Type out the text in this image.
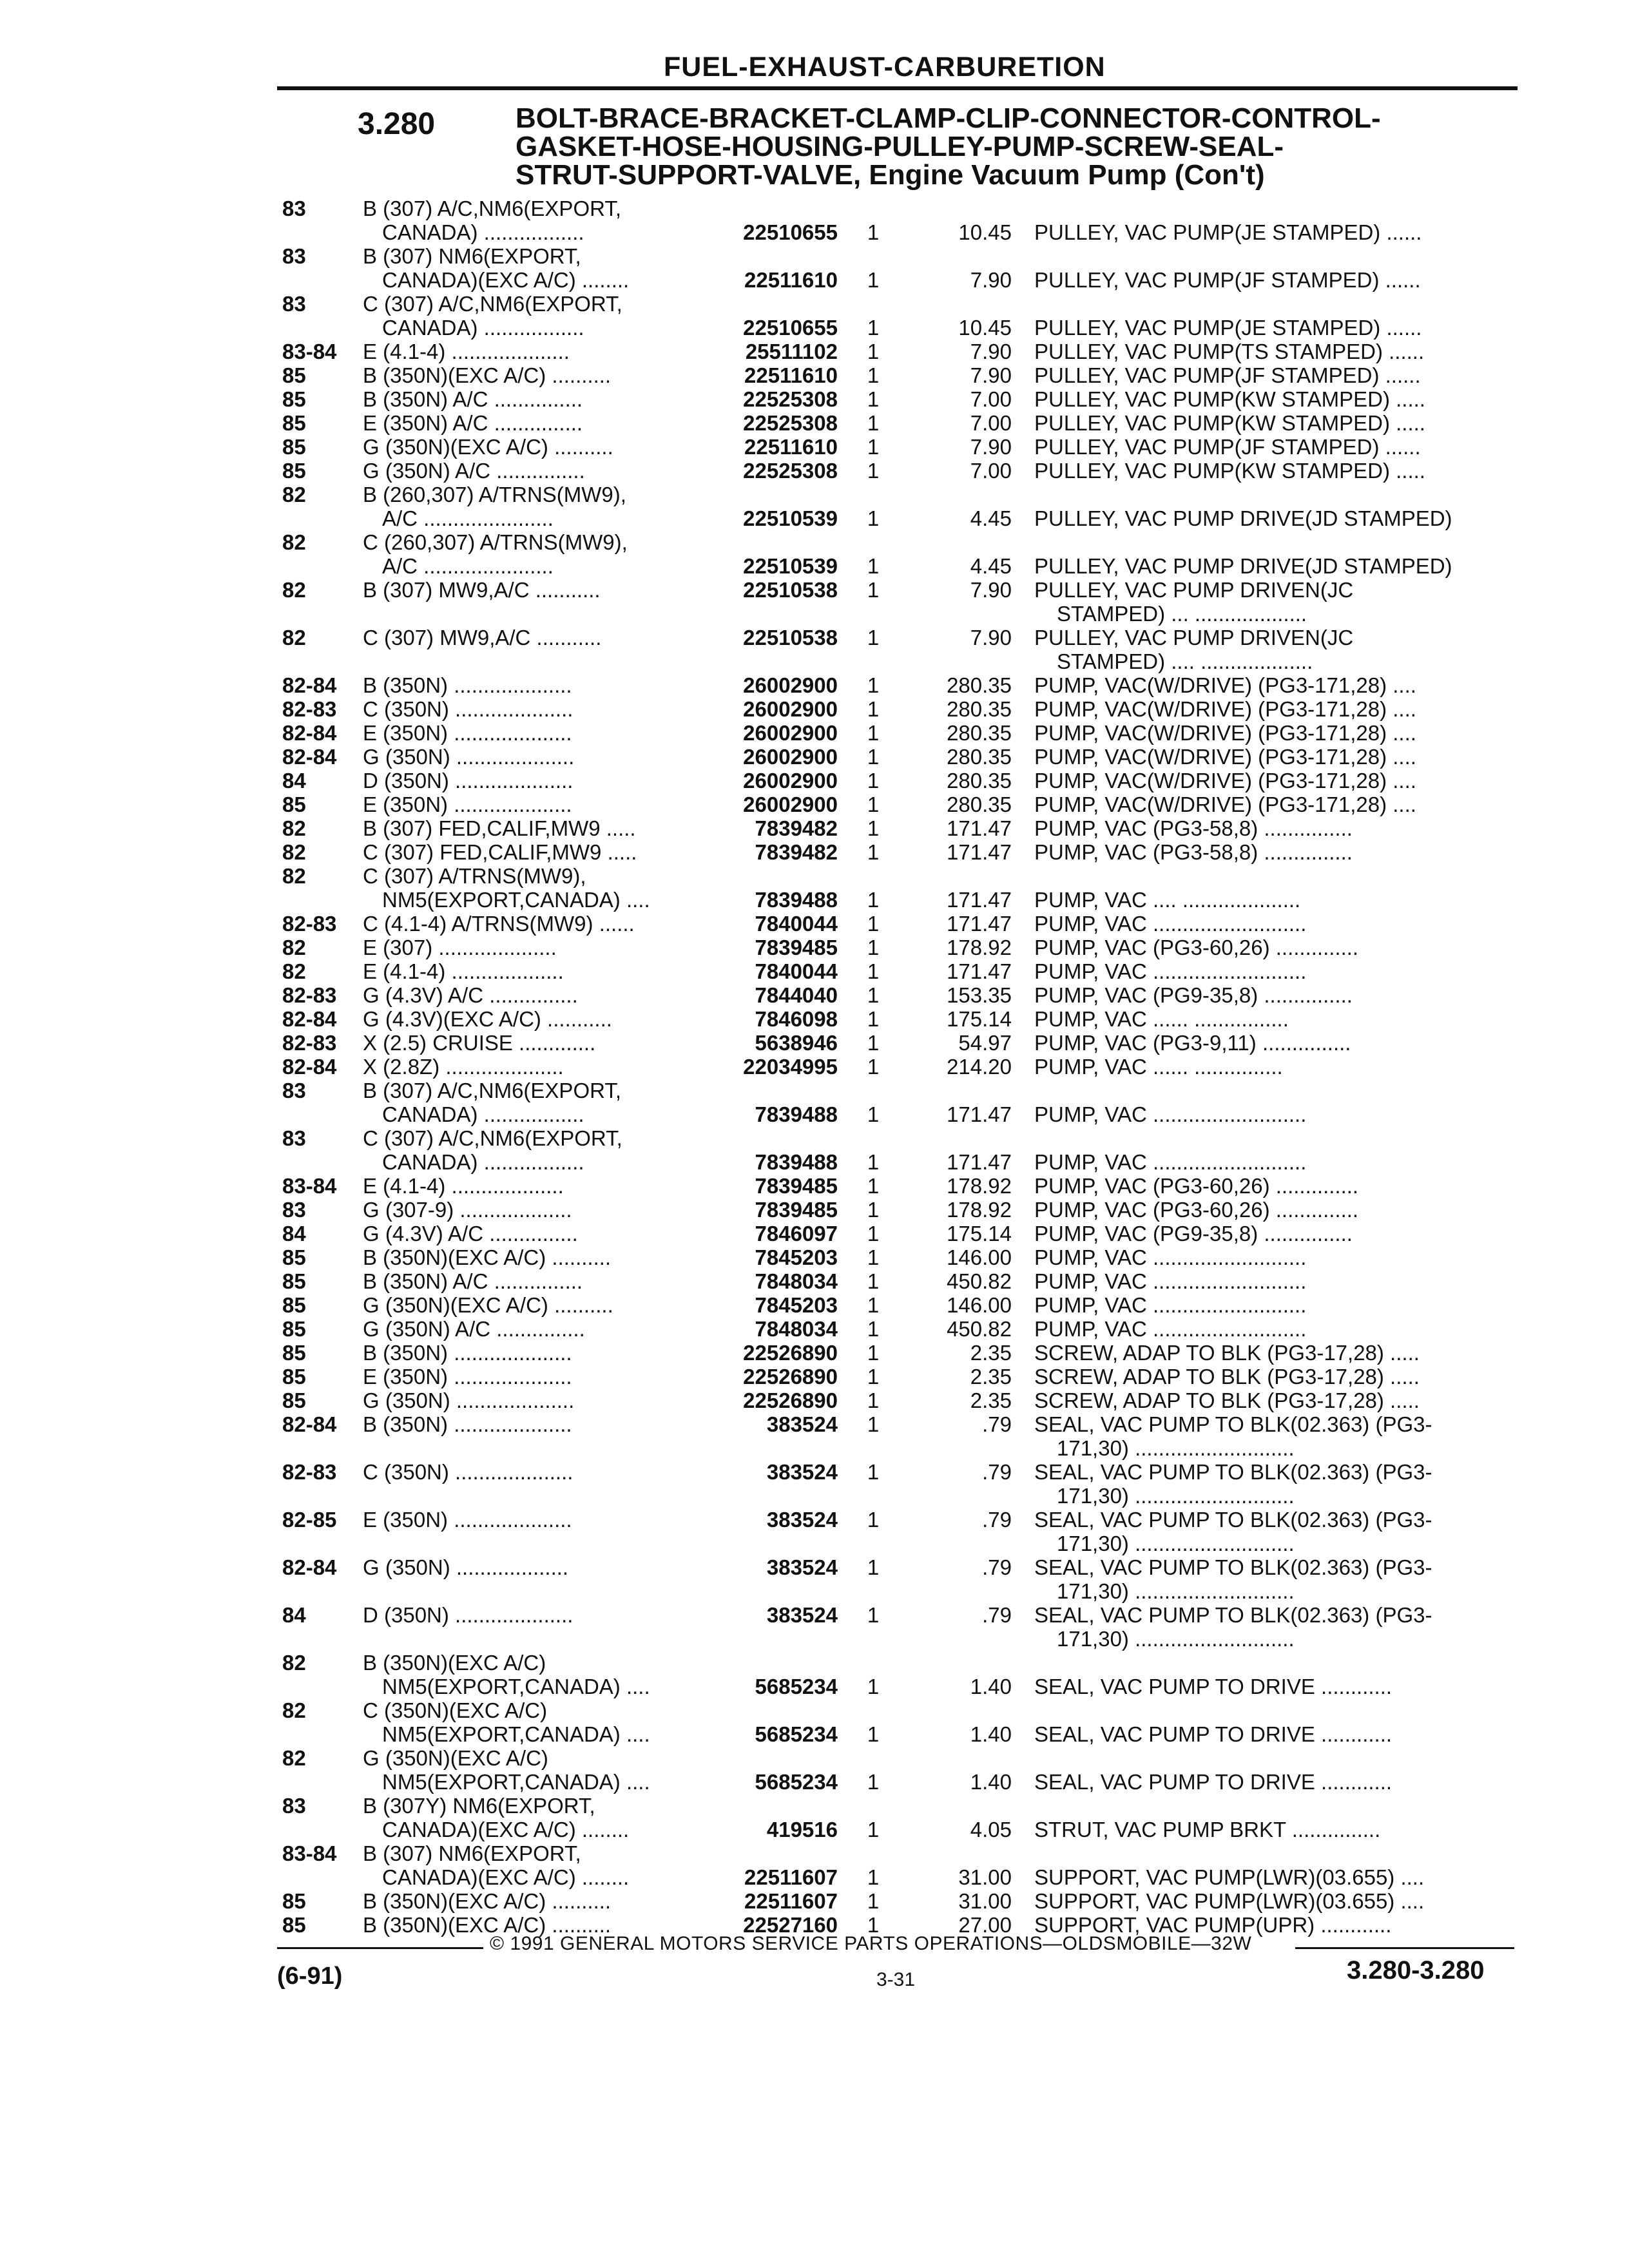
FUEL-EXHAUST-CARBURETION
3.280	BOLT-BRACE-BRACKET-CLAMP-CLIP-CONNECTOR-CONTROL-
GASKET-HOSE-HOUSING-PULLEY-PUMP-SCREW-SEAL-
STRUT-SUPPORT-VALVE, Engine Vacuum Pump (Con't)
83	B (307) A/C,NM6(EXPORT,
CANADA) .................	22510655 1	10.45 PULLEY, VAC PUMP(JE STAMPED) ......
83	B (307) NM6(EXPORT,
CANADA)(EXC A/C) ........	22511610 1	7.90 PULLEY, VAC PUMP(JF STAMPED) ......
83	C (307) A/C,NM6(EXPORT,
CANADA) .................	22510655 1	10.45 PULLEY, VAC PUMP(JE STAMPED) ......
83-84 E (4.1-4) ....................	25511102 1	7.90 PULLEY, VAC PUMP(TS STAMPED) ......
85	B (350N)(EXC A/C) ..........	22511610 1	7.90 PULLEY, VAC PUMP(JF STAMPED) ......
85	B (350N) A/C ...............	22525308 1	7.00 PULLEY, VAC PUMP(KW STAMPED) .....
85	E (350N) A/C ...............	22525308 1	7.00 PULLEY, VAC PUMP(KW STAMPED) .....
85	G (350N)(EXC A/C) ..........	22511610 1	7.90 PULLEY, VAC PUMP(JF STAMPED) ......
85	G (350N) A/C ...............	22525308 1	7.00 PULLEY, VAC PUMP(KW STAMPED) .....
82	B (260,307) A/TRNS(MW9),
A/C ......................	22510539 1	4.45 PULLEY, VAC PUMP DRIVE(JD STAMPED)
82	C (260,307) A/TRNS(MW9),
A/C ......................	22510539 1	4.45 PULLEY, VAC PUMP DRIVE(JD STAMPED)
82	B (307) MW9,A/C ...........	22510538 1	7.90 PULLEY, VAC PUMP DRIVEN(JC
STAMPED) ... ...................
82	C (307) MW9,A/C ...........	22510538 1	7.90 PULLEY, VAC PUMP DRIVEN(JC
STAMPED) .... ...................
82-84 B (350N) ....................	26002900 1	280.35 PUMP, VAC(W/DRIVE) (PG3-171,28) ....
82-83 C (350N) ....................	26002900 1	280.35 PUMP, VAC(W/DRIVE) (PG3-171,28) ....
82-84 E (350N) ....................	26002900 1	280.35 PUMP, VAC(W/DRIVE) (PG3-171,28) ....
82-84 G (350N) ....................	26002900 1	280.35 PUMP, VAC(W/DRIVE) (PG3-171,28) ....
84	D (350N) ....................	26002900 1	280.35 PUMP, VAC(W/DRIVE) (PG3-171,28) ....
85	E (350N) ....................	26002900 1	280.35 PUMP, VAC(W/DRIVE) (PG3-171,28) ....
82	B (307) FED,CALIF,MW9 .....	7839482 1	171.47 PUMP, VAC (PG3-58,8) ...............
82	C (307) FED,CALIF,MW9 .....	7839482 1	171.47 PUMP, VAC (PG3-58,8) ...............
82	C (307) A/TRNS(MW9),
NM5(EXPORT,CANADA) ....	7839488 1	171.47 PUMP, VAC .... ....................
82-83 C (4.1-4) A/TRNS(MW9) ......	7840044 1	171.47 PUMP, VAC ..........................
82	E (307) ....................	7839485 1	178.92 PUMP, VAC (PG3-60,26) ..............
82	E (4.1-4) ...................	7840044 1	171.47 PUMP, VAC ..........................
82-83 G (4.3V) A/C ...............	7844040 1	153.35 PUMP, VAC (PG9-35,8) ...............
82-84 G (4.3V)(EXC A/C) ...........	7846098 1	175.14 PUMP, VAC ...... ................
82-83 X (2.5) CRUISE .............	5638946 1	54.97 PUMP, VAC (PG3-9,11) ...............
82-84 X (2.8Z) ....................	22034995 1	214.20 PUMP, VAC ...... ...............
83	B (307) A/C,NM6(EXPORT,
CANADA) .................	7839488 1	171.47 PUMP, VAC ..........................
83	C (307) A/C,NM6(EXPORT,
CANADA) .................	7839488 1	171.47 PUMP, VAC ..........................
83-84 E (4.1-4) ...................	7839485 1	178.92 PUMP, VAC (PG3-60,26) ..............
83	G (307-9) ...................	7839485 1	178.92 PUMP, VAC (PG3-60,26) ..............
84	G (4.3V) A/C ...............	7846097 1	175.14 PUMP, VAC (PG9-35,8) ...............
85	B (350N)(EXC A/C) ..........	7845203 1	146.00 PUMP, VAC ..........................
85	B (350N) A/C ...............	7848034 1	450.82 PUMP, VAC ..........................
85	G (350N)(EXC A/C) ..........	7845203 1	146.00 PUMP, VAC ..........................
85	G (350N) A/C ...............	7848034 1	450.82 PUMP, VAC ..........................
85	B (350N) ....................	22526890 1	2.35 SCREW, ADAP TO BLK (PG3-17,28) .....
85	E (350N) ....................	22526890 1	2.35 SCREW, ADAP TO BLK (PG3-17,28) .....
85	G (350N) ....................	22526890 1	2.35 SCREW, ADAP TO BLK (PG3-17,28) .....
82-84 B (350N) ....................	383524 1	.79 SEAL, VAC PUMP TO BLK(02.363) (PG3-
171,30) ...........................
82-83 C (350N) ....................	383524 1	.79 SEAL, VAC PUMP TO BLK(02.363) (PG3-
171,30) ...........................
82-85 E (350N) ....................	383524 1	.79 SEAL, VAC PUMP TO BLK(02.363) (PG3-
171,30) ...........................
82-84 G (350N) ...................	383524 1	.79 SEAL, VAC PUMP TO BLK(02.363) (PG3-
171,30) ...........................
84	D (350N) ....................	383524 1	.79 SEAL, VAC PUMP TO BLK(02.363) (PG3-
171,30) ...........................
82	B (350N)(EXC A/C)
NM5(EXPORT,CANADA) ....	5685234 1	1.40 SEAL, VAC PUMP TO DRIVE ............
82	C (350N)(EXC A/C)
NM5(EXPORT,CANADA) ....	5685234 1	1.40 SEAL, VAC PUMP TO DRIVE ............
82	G (350N)(EXC A/C)
NM5(EXPORT,CANADA) ....	5685234 1	1.40 SEAL, VAC PUMP TO DRIVE ............
83	B (307Y) NM6(EXPORT,
CANADA)(EXC A/C) ........	419516 1	4.05 STRUT, VAC PUMP BRKT ...............
83-84 B (307) NM6(EXPORT,
CANADA)(EXC A/C) ........	22511607 1	31.00 SUPPORT, VAC PUMP(LWR)(03.655) ....
85	B (350N)(EXC A/C) ..........	22511607 1	31.00 SUPPORT, VAC PUMP(LWR)(03.655) ....
85	B (350N)(EXC A/C) ..........	22527160 1	27.00 SUPPORT, VAC PUMP(UPR) ............
© 1991 GENERAL MOTORS SERVICE PARTS OPERATIONS—OLDSMOBILE—32W
(6-91)	3-31	3.280-3.280
